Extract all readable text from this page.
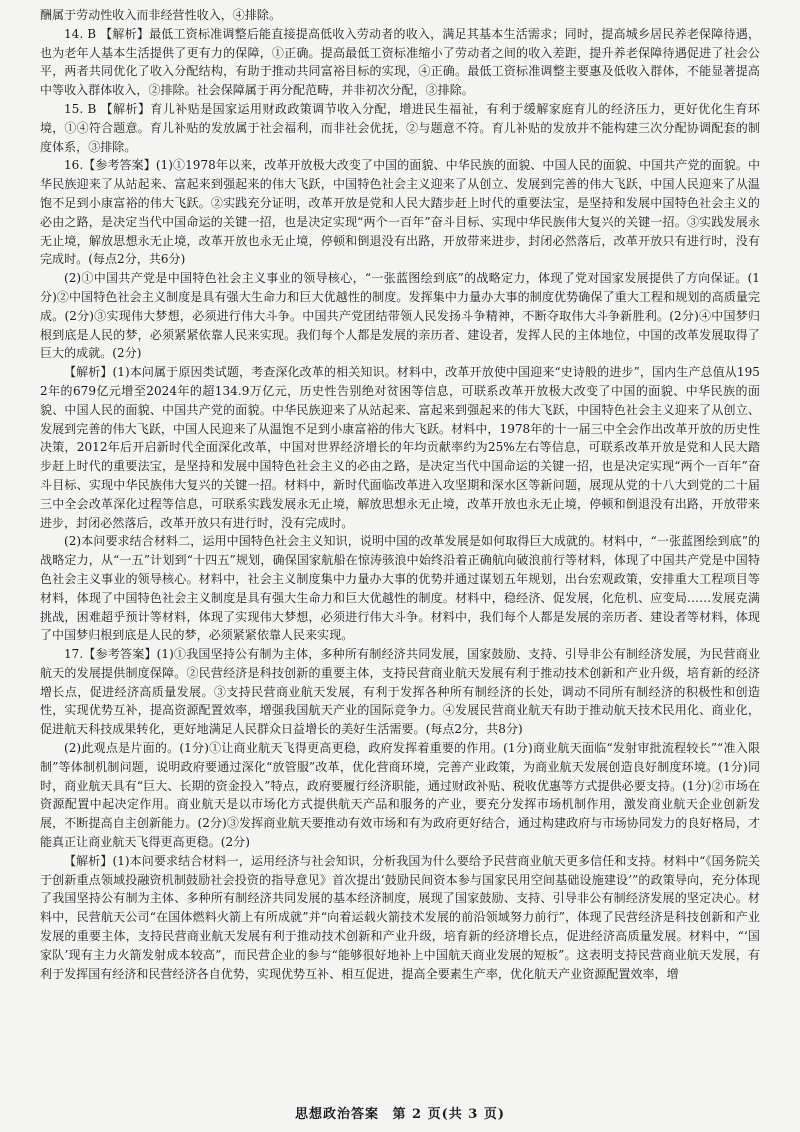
酬属于劳动性收入而非经营性收入，④排除。

14. B 【解析】最低工资标准调整后能直接提高低收入劳动者的收入，满足其基本生活需求；同时，提高城乡居民养老保障待遇，也为老年人基本生活提供了更有力的保障，①正确。提高最低工资标准缩小了劳动者之间的收入差距，提升养老保障待遇促进了社会公平，两者共同优化了收入分配结构，有助于推动共同富裕目标的实现，④正确。最低工资标准调整主要惠及低收入群体，不能显著提高中等收入群体收入，②排除。社会保障属于再分配范畴，并非初次分配，③排除。

15. B 【解析】育儿补贴是国家运用财政政策调节收入分配，增进民生福祉，有利于缓解家庭育儿的经济压力，更好优化生育环境，①④符合题意。育儿补贴的发放属于社会福利，而非社会优抚，②与题意不符。育儿补贴的发放并不能构建三次分配协调配套的制度体系，③排除。

16.【参考答案】(1)①1978年以来，改革开放极大改变了中国的面貌、中华民族的面貌、中国人民的面貌、中国共产党的面貌。中华民族迎来了从站起来、富起来到强起来的伟大飞跃，中国特色社会主义迎来了从创立、发展到完善的伟大飞跃，中国人民迎来了从温饱不足到小康富裕的伟大飞跃。②实践充分证明，改革开放是党和人民大踏步赶上时代的重要法宝，是坚持和发展中国特色社会主义的必由之路，是决定当代中国命运的关键一招，也是决定实现“两个一百年”奋斗目标、实现中华民族伟大复兴的关键一招。③实践发展永无止境，解放思想永无止境，改革开放也永无止境，停顿和倒退没有出路，开放带来进步，封闭必然落后，改革开放只有进行时，没有完成时。(每点2分，共6分)

(2)①中国共产党是中国特色社会主义事业的领导核心，“一张蓝图绘到底”的战略定力，体现了党对国家发展提供了方向保证。(1分)②中国特色社会主义制度是具有强大生命力和巨大优越性的制度。发挥集中力量办大事的制度优势确保了重大工程和规划的高质量完成。(2分)③实现伟大梦想，必须进行伟大斗争。中国共产党团结带领人民发扬斗争精神，不断夺取伟大斗争新胜利。(2分)④中国梦归根到底是人民的梦，必须紧紧依靠人民来实现。我们每个人都是发展的亲历者、建设者，发挥人民的主体地位，中国的改革发展取得了巨大的成就。(2分)

【解析】(1)本问属于原因类试题，考查深化改革的相关知识。材料中，改革开放使中国迎来“史诗般的进步”，国内生产总值从1952年的679亿元增至2024年的超134.9万亿元，历史性告别绝对贫困等信息，可联系改革开放极大改变了中国的面貌、中华民族的面貌、中国人民的面貌、中国共产党的面貌。中华民族迎来了从站起来、富起来到强起来的伟大飞跃，中国特色社会主义迎来了从创立、发展到完善的伟大飞跃，中国人民迎来了从温饱不足到小康富裕的伟大飞跃。材料中，1978年的十一届三中全会作出改革开放的历史性决策，2012年后开启新时代全面深化改革，中国对世界经济增长的年均贡献率约为25%左右等信息，可联系改革开放是党和人民大踏步赶上时代的重要法宝，是坚持和发展中国特色社会主义的必由之路，是决定当代中国命运的关键一招，也是决定实现“两个一百年”奋斗目标、实现中华民族伟大复兴的关键一招。材料中，新时代面临改革进入攻坚期和深水区等新问题，展现从党的十八大到党的二十届三中全会改革深化过程等信息，可联系实践发展永无止境，解放思想永无止境，改革开放也永无止境，停顿和倒退没有出路，开放带来进步，封闭必然落后，改革开放只有进行时，没有完成时。

(2)本问要求结合材料二，运用中国特色社会主义知识，说明中国的改革发展是如何取得巨大成就的。材料中，“一张蓝图绘到底”的战略定力，从“一五”计划到“十四五”规划，确保国家航船在惊涛骇浪中始终沿着正确航向破浪前行等材料，体现了中国共产党是中国特色社会主义事业的领导核心。材料中，社会主义制度集中力量办大事的优势并通过谋划五年规划，出台宏观政策，安排重大工程项目等材料，体现了中国特色社会主义制度是具有强大生命力和巨大优越性的制度。材料中，稳经济、促发展，化危机、应变局……发展克满挑战，困难超乎预计等材料，体现了实现伟大梦想，必须进行伟大斗争。材料中，我们每个人都是发展的亲历者、建设者等材料，体现了中国梦归根到底是人民的梦，必须紧紧依靠人民来实现。

17.【参考答案】(1)①我国坚持公有制为主体，多种所有制经济共同发展，国家鼓励、支持、引导非公有制经济发展，为民营商业航天的发展提供制度保障。②民营经济是科技创新的重要主体，支持民营商业航天发展有利于推动技术创新和产业升级，培育新的经济增长点，促进经济高质量发展。③支持民营商业航天发展，有利于发挥各种所有制经济的长处，调动不同所有制经济的积极性和创造性，实现优势互补，提高资源配置效率，增强我国航天产业的国际竞争力。④发展民营商业航天有助于推动航天技术民用化、商业化，促进航天科技成果转化，更好地满足人民群众日益增长的美好生活需要。(每点2分，共8分)

(2)此观点是片面的。(1分)①让商业航天飞得更高更稳，政府发挥着重要的作用。(1分)商业航天面临“发射审批流程较长”“准入限制”等体制机制问题，说明政府要通过深化“放管服”改革，优化营商环境，完善产业政策，为商业航天发展创造良好制度环境。(1分)同时，商业航天具有“巨大、长期的资金投入”特点，政府要履行经济职能，通过财政补贴、税收优惠等方式提供必要支持。(1分)②市场在资源配置中起决定作用。商业航天是以市场化方式提供航天产品和服务的产业，要充分发挥市场机制作用，激发商业航天企业创新发展，不断提高自主创新能力。(2分)③发挥商业航天要推动有效市场和有为政府更好结合，通过构建政府与市场协同发力的良好格局，才能真正让商业航天飞得更高更稳。(2分)

【解析】(1)本问要求结合材料一，运用经济与社会知识，分析我国为什么要给予民营商业航天更多信任和支持。材料中“《国务院关于创新重点领域投融资机制鼓励社会投资的指导意见》首次提出‘鼓励民间资本参与国家民用空间基础设施建设’”的政策导向，充分体现了我国坚持公有制为主体、多种所有制经济共同发展的基本经济制度，展现了国家鼓励、支持、引导非公有制经济发展的坚定决心。材料中，民营航天公司“在国体燃料火箭上有所成就”并“向着运载火箭技术发展的前沿领域努力前行”，体现了民营经济是科技创新和产业发展的重要主体，支持民营商业航天发展有利于推动技术创新和产业升级，培育新的经济增长点，促进经济高质量发展。材料中，“‘国家队’现有主力火箭发射成本较高”，而民营企业的参与“能够很好地补上中国航天商业发展的短板”。这表明支持民营商业航天发展，有利于发挥国有经济和民营经济各自优势，实现优势互补、相互促进，提高全要素生产率，优化航天产业资源配置效率，增

思想政治答案 第 2 页(共 3 页)
